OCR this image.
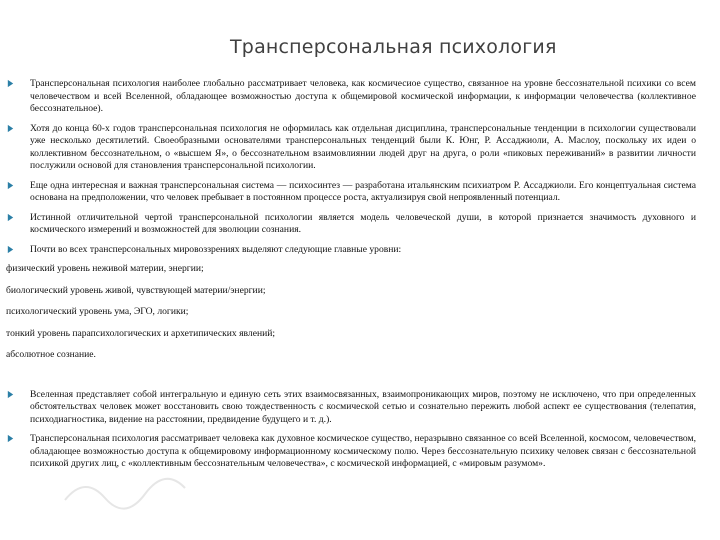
Трансперсональная психология
Трансперсональная психология наиболее глобально рассматривает человека, как космичесиое существо, связанное на уровне бессознательной психики со всем человечеством и всей Вселенной, обладающее возможностью доступа к общемировой космической информации, к информации человечества (коллективное бессознательное).
Хотя до конца 60-х годов трансперсональная психология не оформилась как отдельная дисциплина, трансперсональные тенденции в психологии существовали уже несколько десятилетий. Своеобразными основателями трансперсональных тенденций были К. Юнг, Р. Ассаджиоли, А. Маслоу, поскольку их идеи о коллективном бессознательном, о «высшем Я», о бессознательном взаимовлиянии людей друг на друга, о роли «пиковых переживаний» в развитии личности послужили основой для становления трансперсональной психологии.
Еще одна интересная и важная трансперсональная система — психосинтез — разработана итальянским психиатром Р. Ассаджиоли. Его концептуальная система основана на предположении, что человек пребывает в постоянном процессе роста, актуализируя свой непроявленный потенциал.
Истинной отличительной чертой трансперсональной психологии является модель человеческой души, в которой признается значимость духовного и космического измерений и возможностей для эволюции сознания.
Почти во всех трансперсональных мировоззрениях выделяют следующие главные уровни:
физический уровень неживой материи, энергии;
биологический уровень живой, чувствующей материи/энергии;
психологический уровень ума, ЭГО, логики;
тонкий уровень парапсихологических и архетипических явлений;
абсолютное сознание.
Вселенная представляет собой интегральную и единую сеть этих взаимосвязанных, взаимопроникающих миров, поэтому не исключено, что при определенных обстоятельствах человек может восстановить свою тождественность с космической сетью и сознательно пережить любой аспект ее существования (телепатия, психодиагностика, видение на расстоянии, предвидение будущего и т. д.).
Трансперсональная психология рассматривает человека как духовное космическое существо, неразрывно связанное со всей Вселенной, космосом, человечеством, обладающее возможностью доступа к общемировому информационному космическому полю. Через бессознательную психику человек связан с бессознательной психикой других лиц, с «коллективным бессознательным человечества», с космической информацией, с «мировым разумом».
